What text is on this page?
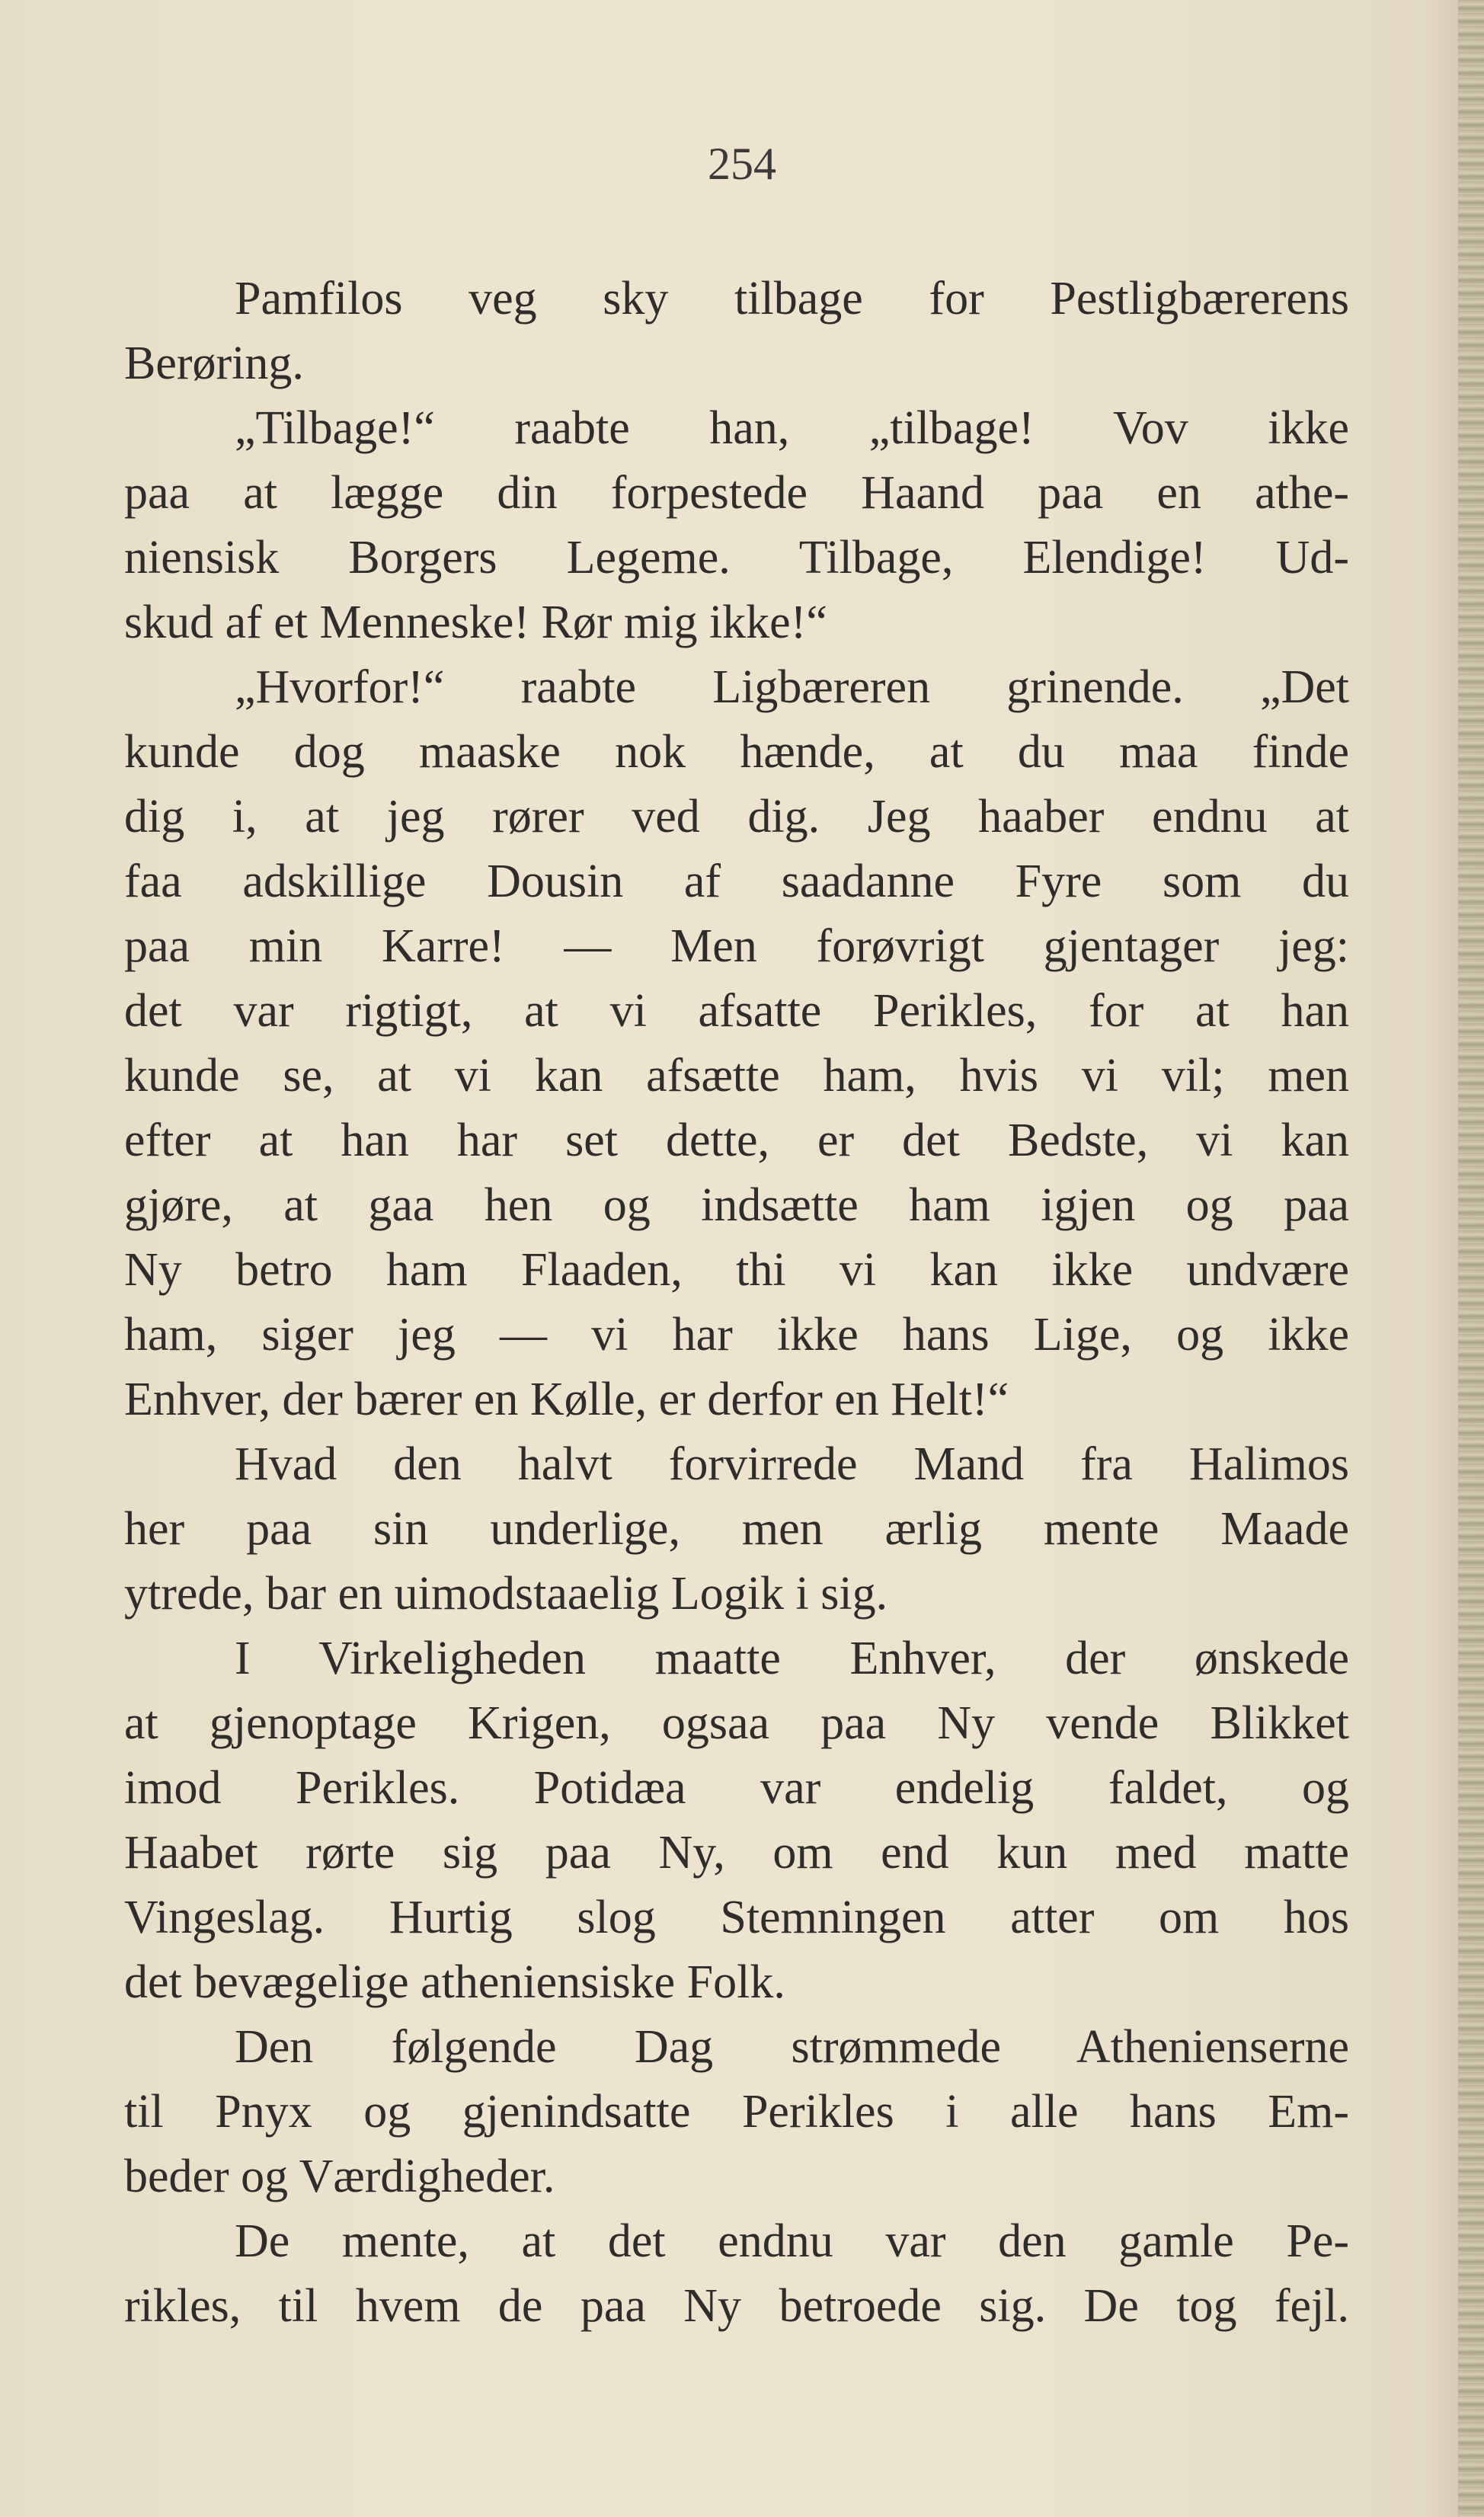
254
Pamfilos veg sky tilbage for Pestligbærerens
Berøring.
„Tilbage!“ raabte han, „tilbage! Vov ikke
paa at lægge din forpestede Haand paa en athe-
niensisk Borgers Legeme. Tilbage, Elendige! Ud-
skud af et Menneske! Rør mig ikke!“
„Hvorfor!“ raabte Ligbæreren grinende. „Det
kunde dog maaske nok hænde, at du maa finde
dig i, at jeg rører ved dig. Jeg haaber endnu at
faa adskillige Dousin af saadanne Fyre som du
paa min Karre! — Men forøvrigt gjentager jeg:
det var rigtigt, at vi afsatte Perikles, for at han
kunde se, at vi kan afsætte ham, hvis vi vil; men
efter at han har set dette, er det Bedste, vi kan
gjøre, at gaa hen og indsætte ham igjen og paa
Ny betro ham Flaaden, thi vi kan ikke undvære
ham, siger jeg — vi har ikke hans Lige, og ikke
Enhver, der bærer en Kølle, er derfor en Helt!“
Hvad den halvt forvirrede Mand fra Halimos
her paa sin underlige, men ærlig mente Maade
ytrede, bar en uimodstaaelig Logik i sig.
I Virkeligheden maatte Enhver, der ønskede
at gjenoptage Krigen, ogsaa paa Ny vende Blikket
imod Perikles. Potidæa var endelig faldet, og
Haabet rørte sig paa Ny, om end kun med matte
Vingeslag. Hurtig slog Stemningen atter om hos
det bevægelige atheniensiske Folk.
Den følgende Dag strømmede Athenienserne
til Pnyx og gjenindsatte Perikles i alle hans Em-
beder og Værdigheder.
De mente, at det endnu var den gamle Pe-
rikles, til hvem de paa Ny betroede sig. De tog fejl.
